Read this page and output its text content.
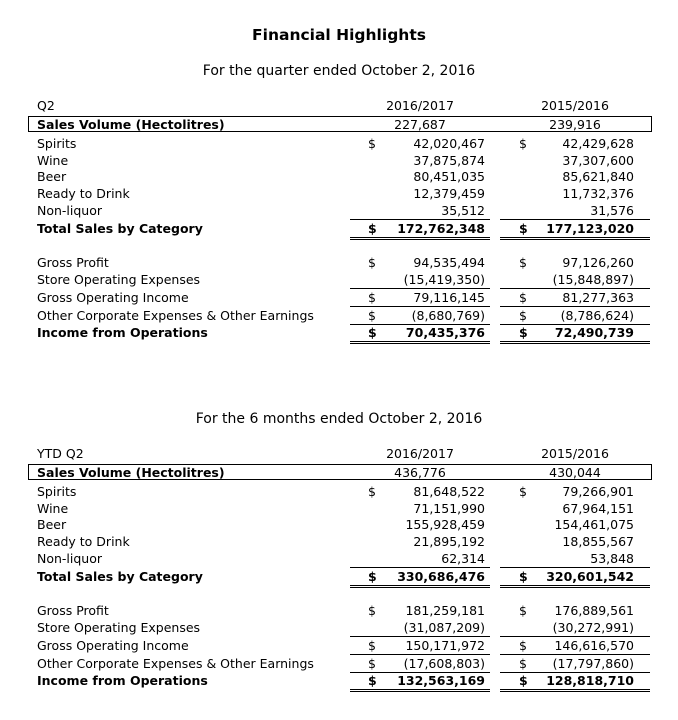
Financial Highlights
For the quarter ended October 2, 2016
Q2	2016/2017	2015/2016
Sales Volume (Hectolitres)	227,687	239,916
Spirits	$	42,020,467	$	42,429,628
Wine	37,875,874	37,307,600
Beer	80,451,035	85,621,840
Ready to Drink	12,379,459	11,732,376
Non-liquor	35,512	31,576
Total Sales by Category	$	172,762,348	$	177,123,020
Gross Profit	$	94,535,494	$	97,126,260
Store Operating Expenses	(15,419,350)	(15,848,897)
Gross Operating Income	$	79,116,145	$	81,277,363
Other Corporate Expenses & Other Earnings	$	(8,680,769)	$	(8,786,624)
Income from Operations	$	70,435,376	$	72,490,739
For the 6 months ended October 2, 2016
YTD Q2	2016/2017	2015/2016
Sales Volume (Hectolitres)	436,776	430,044
Spirits	$	81,648,522	$	79,266,901
Wine	71,151,990	67,964,151
Beer	155,928,459	154,461,075
Ready to Drink	21,895,192	18,855,567
Non-liquor	62,314	53,848
Total Sales by Category	$	330,686,476	$	320,601,542
Gross Profit	$	181,259,181	$	176,889,561
Store Operating Expenses	(31,087,209)	(30,272,991)
Gross Operating Income	$	150,171,972	$	146,616,570
Other Corporate Expenses & Other Earnings	$	(17,608,803)	$	(17,797,860)
Income from Operations	$	132,563,169	$	128,818,710
